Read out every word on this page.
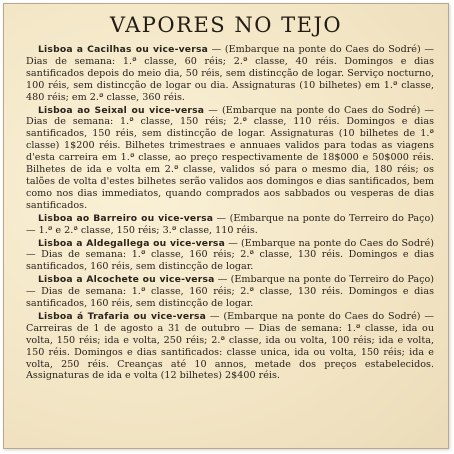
VAPORES NO TEJO

Lisboa a Cacilhas ou vice-versa — (Embarque na ponte do Caes do Sodré) — Dias de semana: 1.ª classe, 60 réis; 2.ª classe, 40 réis. Domingos e dias santificados depois do meio dia, 50 réis, sem distincção de logar. Serviço nocturno, 100 réis, sem distincção de logar ou dia. Assignaturas (10 bilhetes) em 1.ª classe, 480 réis; em 2.ª classe, 360 réis.

Lisboa ao Seixal ou vice-versa — (Embarque na ponte do Caes do Sodré) — Dias de semana: 1.ª classe, 150 réis; 2.ª classe, 110 réis. Domingos e dias santificados, 150 réis, sem distincção de logar. Assignaturas (10 bilhetes de 1.ª classe) 1$200 réis. Bilhetes trimestraes e annuaes validos para todas as viagens d'esta carreira em 1.ª classe, ao preço respectivamente de 18$000 e 50$000 réis. Bilhetes de ida e volta em 2.ª classe, validos só para o mesmo dia, 180 réis; os talões de volta d'estes bilhetes serão validos aos domingos e dias santificados, bem como nos dias immediatos, quando comprados aos sabbados ou vesperas de dias santificados.

Lisboa ao Barreiro ou vice-versa — (Embarque na ponte do Terreiro do Paço) — 1.ª e 2.ª classe, 150 réis; 3.ª classe, 110 réis.

Lisboa a Aldegallega ou vice-versa — (Embarque na ponte do Caes do Sodré) — Dias de semana: 1.ª classe, 160 réis; 2.ª classe, 130 réis. Domingos e dias santificados, 160 réis, sem distincção de logar.

Lisboa a Alcochete ou vice-versa — (Embarque na ponte do Terreiro do Paço) — Dias de semana: 1.ª classe, 160 réis; 2.ª classe, 130 réis. Domingos e dias santificados, 160 réis, sem distincção de logar.

Lisboa á Trafaria ou vice-versa — (Embarque na ponte do Caes do Sodré) — Carreiras de 1 de agosto a 31 de outubro — Dias de semana: 1.ª classe, ida ou volta, 150 réis; ida e volta, 250 réis; 2.ª classe, ida ou volta, 100 réis; ida e volta, 150 réis. Domingos e dias santificados: classe unica, ida ou volta, 150 réis; ida e volta, 250 réis. Creanças até 10 annos, metade dos preços estabelecidos. Assignaturas de ida e volta (12 bilhetes) 2$400 réis.
